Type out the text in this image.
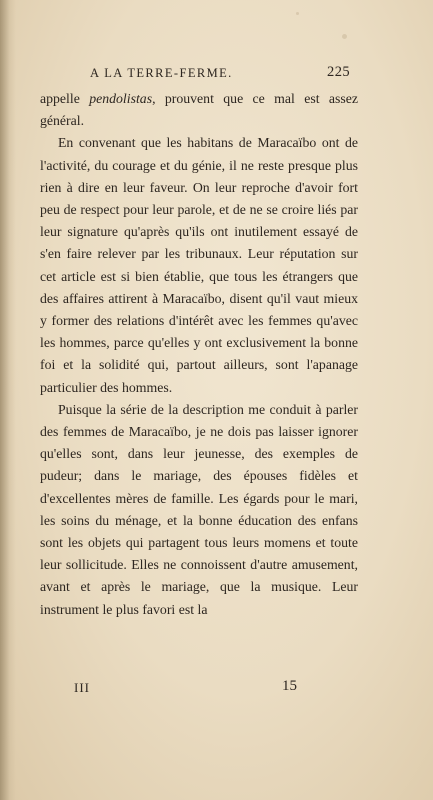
A LA TERRE-FERME.	225

appelle pendolistas, prouvent que ce mal est assez général.

En convenant que les habitans de Maracaïbo ont de l'activité, du courage et du génie, il ne reste presque plus rien à dire en leur faveur. On leur reproche d'avoir fort peu de respect pour leur parole, et de ne se croire liés par leur signature qu'après qu'ils ont inutilement essayé de s'en faire relever par les tribunaux. Leur réputation sur cet article est si bien établie, que tous les étrangers que des affaires attirent à Maracaïbo, disent qu'il vaut mieux y former des relations d'intérêt avec les femmes qu'avec les hommes, parce qu'elles y ont exclusivement la bonne foi et la solidité qui, partout ailleurs, sont l'apanage particulier des hommes.

Puisque la série de la description me conduit à parler des femmes de Maracaïbo, je ne dois pas laisser ignorer qu'elles sont, dans leur jeunesse, des exemples de pudeur; dans le mariage, des épouses fidèles et d'excellentes mères de famille. Les égards pour le mari, les soins du ménage, et la bonne éducation des enfans sont les objets qui partagent tous leurs momens et toute leur sollicitude. Elles ne connoissent d'autre amusement, avant et après le mariage, que la musique. Leur instrument le plus favori est la

III	15
